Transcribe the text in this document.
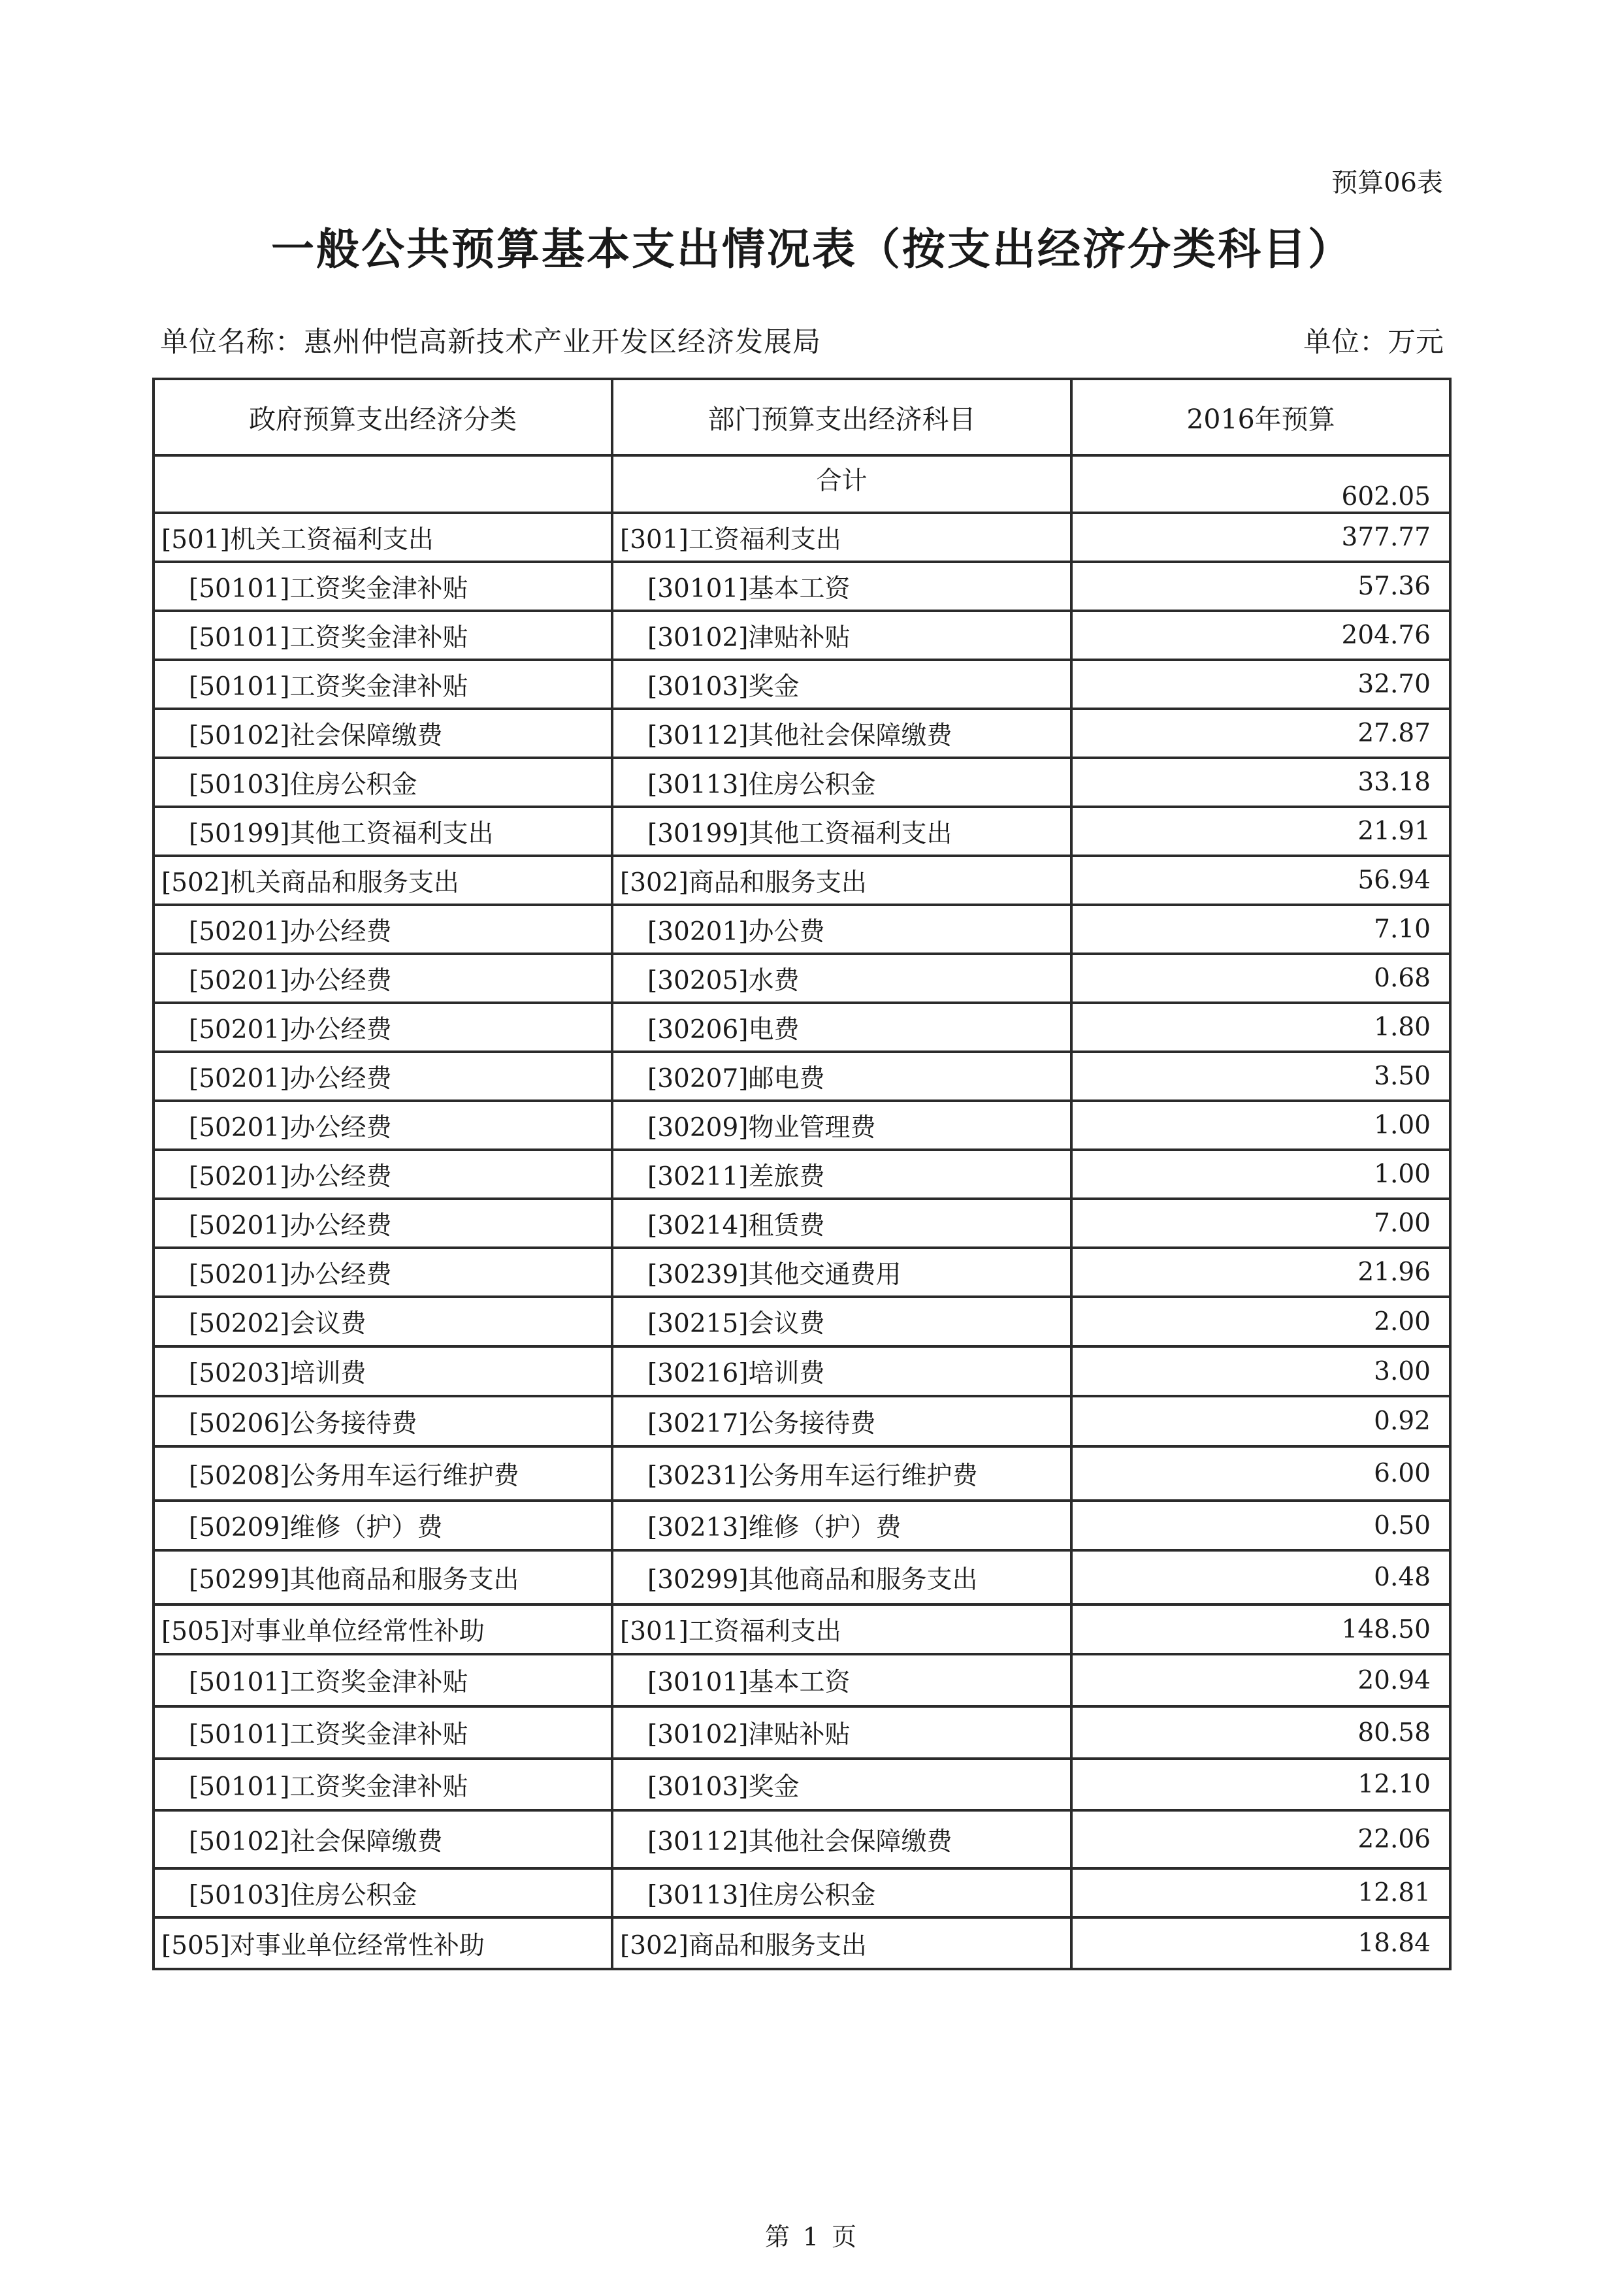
预算06表
一般公共预算基本支出情况表（按支出经济分类科目）
单位名称：惠州仲恺高新技术产业开发区经济发展局	单位：万元
政府预算支出经济分类	部门预算支出经济科目	2016年预算
	合计	602.05
[501]机关工资福利支出	[301]工资福利支出	377.77
[50101]工资奖金津补贴	[30101]基本工资	57.36
[50101]工资奖金津补贴	[30102]津贴补贴	204.76
[50101]工资奖金津补贴	[30103]奖金	32.70
[50102]社会保障缴费	[30112]其他社会保障缴费	27.87
[50103]住房公积金	[30113]住房公积金	33.18
[50199]其他工资福利支出	[30199]其他工资福利支出	21.91
[502]机关商品和服务支出	[302]商品和服务支出	56.94
[50201]办公经费	[30201]办公费	7.10
[50201]办公经费	[30205]水费	0.68
[50201]办公经费	[30206]电费	1.80
[50201]办公经费	[30207]邮电费	3.50
[50201]办公经费	[30209]物业管理费	1.00
[50201]办公经费	[30211]差旅费	1.00
[50201]办公经费	[30214]租赁费	7.00
[50201]办公经费	[30239]其他交通费用	21.96
[50202]会议费	[30215]会议费	2.00
[50203]培训费	[30216]培训费	3.00
[50206]公务接待费	[30217]公务接待费	0.92
[50208]公务用车运行维护费	[30231]公务用车运行维护费	6.00
[50209]维修（护）费	[30213]维修（护）费	0.50
[50299]其他商品和服务支出	[30299]其他商品和服务支出	0.48
[505]对事业单位经常性补助	[301]工资福利支出	148.50
[50101]工资奖金津补贴	[30101]基本工资	20.94
[50101]工资奖金津补贴	[30102]津贴补贴	80.58
[50101]工资奖金津补贴	[30103]奖金	12.10
[50102]社会保障缴费	[30112]其他社会保障缴费	22.06
[50103]住房公积金	[30113]住房公积金	12.81
[505]对事业单位经常性补助	[302]商品和服务支出	18.84
第 1 页
